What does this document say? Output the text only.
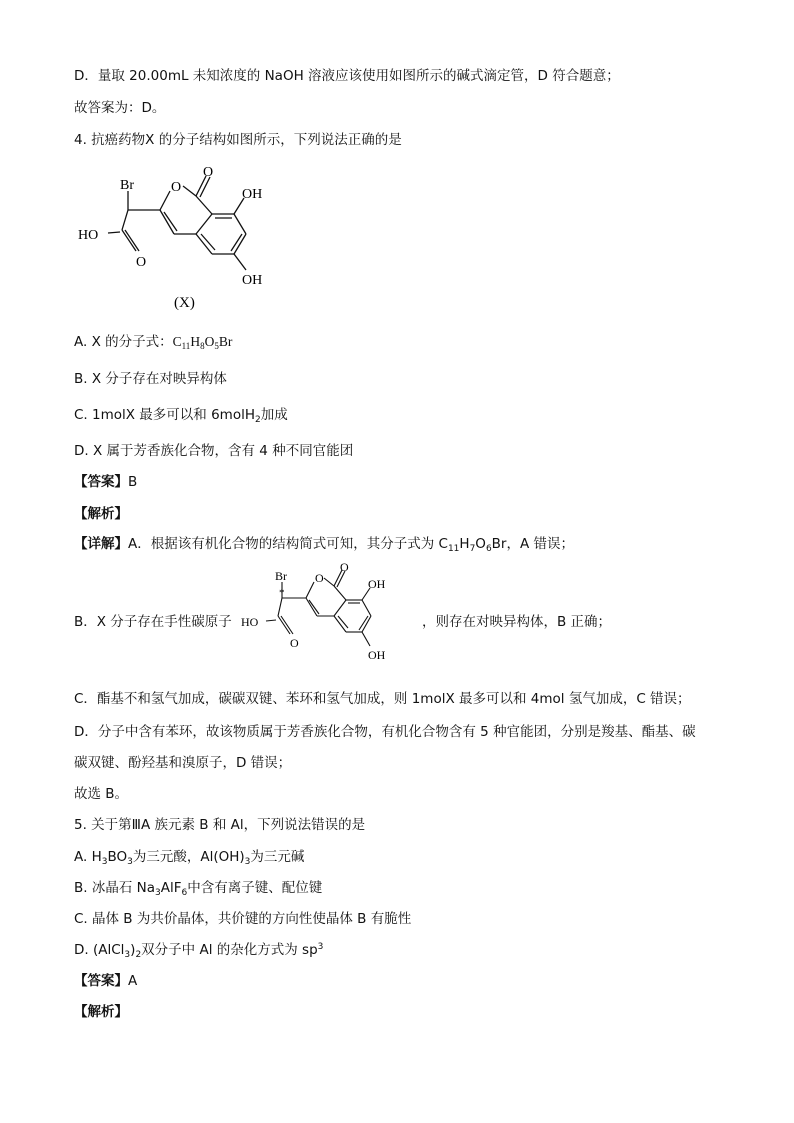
D．量取 20.00mL 未知浓度的 NaOH 溶液应该使用如图所示的碱式滴定管，D 符合题意；
故答案为：D。
4. 抗癌药物X 的分子结构如图所示，下列说法正确的是
Br	O
O
OH
HO
O
OH
(X)
A. X 的分子式：$C_{11}H_8O_5Br$
B. X 分子存在对映异构体
C. 1molX 最多可以和 6molH$_2$加成
D. X 属于芳香族化合物，含有 4 种不同官能团
【答案】B
【解析】
【详解】A．根据该有机化合物的结构简式可知，其分子式为 $C_{11}H_7O_6Br$，A 错误；
B．X 分子存在手性碳原子
Br
*
O
O
OH
HO
O
OH
，则存在对映异构体，B 正确；
C．酯基不和氢气加成，碳碳双键、苯环和氢气加成，则 1molX 最多可以和 4mol 氢气加成，C 错误；
D．分子中含有苯环，故该物质属于芳香族化合物，有机化合物含有 5 种官能团，分别是羧基、酯基、碳
碳双键、酚羟基和溴原子，D 错误；
故选 B。
5. 关于第ⅢA 族元素 B 和 Al，下列说法错误的是
A. $H_3BO_3$为三元酸，$Al(OH)_3$为三元碱
B. 冰晶石 $Na_3AlF_6$中含有离子键、配位键
C. 晶体 B 为共价晶体，共价键的方向性使晶体 B 有脆性
D. $(AlCl_3)_2$双分子中 Al 的杂化方式为 $sp^3$
【答案】A
【解析】
